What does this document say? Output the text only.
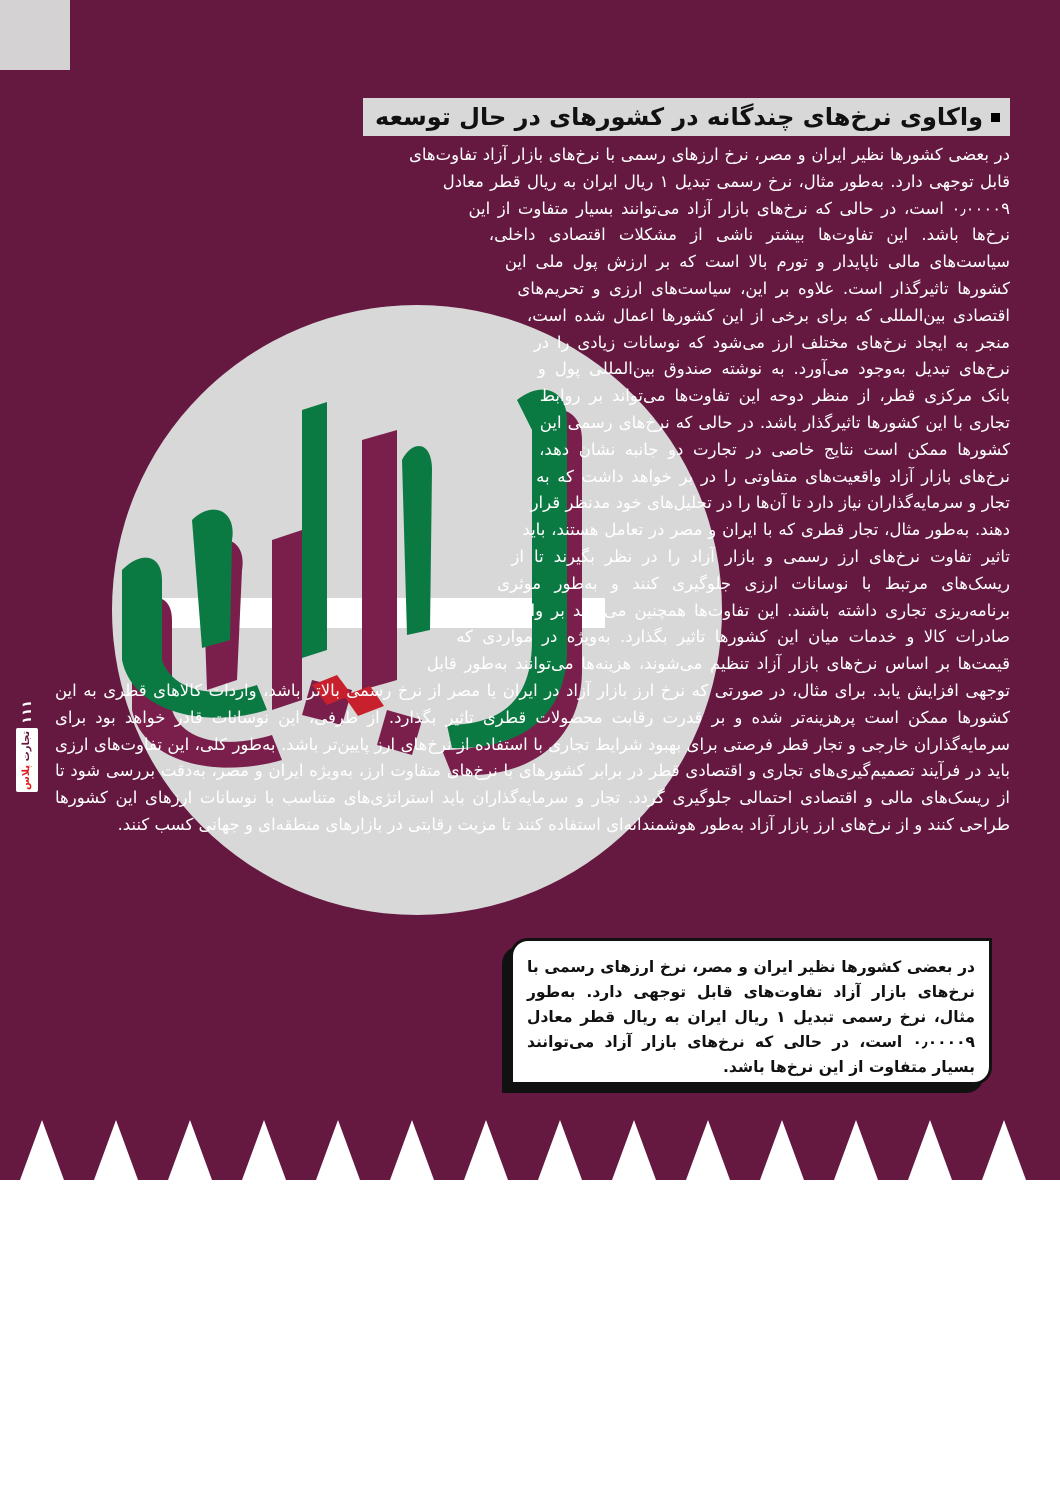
واکاوی نرخ‌های چندگانه در کشورهای در حال توسعه
در بعضی کشورها نظیر ایران و مصر، نرخ ارزهای رسمی با نرخ‌های بازار آزاد تفاوت‌های قابل توجهی دارد. به‌طور مثال، نرخ رسمی تبدیل ۱ ریال ایران به ریال قطر معادل ۰٫۰۰۰۰۹ است، در حالی که نرخ‌های بازار آزاد می‌توانند بسیار متفاوت از این نرخ‌ها باشد. این تفاوت‌ها بیشتر ناشی از مشکلات اقتصادی داخلی، سیاست‌های مالی ناپایدار و تورم بالا است که بر ارزش پول ملی این کشورها تاثیرگذار است. علاوه بر این، سیاست‌های ارزی و تحریم‌های اقتصادی بین‌المللی که برای برخی از این کشورها اعمال شده است، منجر به ایجاد نرخ‌های مختلف ارز می‌شود که نوسانات زیادی را در نرخ‌های تبدیل به‌وجود می‌آورد. به نوشته صندوق بین‌المللی پول و بانک مرکزی قطر، از منظر دوحه این تفاوت‌ها می‌تواند بر روابط تجاری با این کشورها تاثیرگذار باشد. در حالی که نرخ‌های رسمی این کشورها ممکن است نتایج خاصی در تجارت دو جانبه نشان دهد، نرخ‌های بازار آزاد واقعیت‌های متفاوتی را در بر خواهد داشت که به تجار و سرمایه‌گذاران نیاز دارد تا آن‌ها را در تحلیل‌های خود مدنظر قرار دهند. به‌طور مثال، تجار قطری که با ایران و مصر در تعامل هستند، باید تاثیر تفاوت نرخ‌های ارز رسمی و بازار آزاد را در نظر بگیرند تا از ریسک‌های مرتبط با نوسانات ارزی جلوگیری کنند و به‌طور موثری برنامه‌ریزی تجاری داشته باشند. این تفاوت‌ها همچنین می‌تواند بر واردات و صادرات کالا و خدمات میان این کشورها تاثیر بگذارد. به‌ویژه در مواردی که قیمت‌ها بر اساس نرخ‌های بازار آزاد تنظیم می‌شوند، هزینه‌ها می‌توانند به‌طور قابل توجهی افزایش یابد. برای مثال، در صورتی که نرخ ارز بازار آزاد در ایران یا مصر از نرخ رسمی بالاتر باشد، واردات کالاهای قطری به این کشورها ممکن است پرهزینه‌تر شده و بر قدرت رقابت محصولات قطری تاثیر بگذارد. از طرفی، این نوسانات قادر خواهد بود برای سرمایه‌گذاران خارجی و تجار قطر فرصتی برای بهبود شرایط تجاری با استفاده از نرخ‌های ارز پایین‌تر باشد. به‌طور کلی، این تفاوت‌های ارزی باید در فرآیند تصمیم‌گیری‌های تجاری و اقتصادی قطر در برابر کشورهای با نرخ‌های متفاوت ارز، به‌ویژه ایران و مصر، به‌دقت بررسی شود تا از ریسک‌های مالی و اقتصادی احتمالی جلوگیری گردد. تجار و سرمایه‌گذاران باید استراتژی‌های متناسب با نوسانات ارزهای این کشورها طراحی کنند و از نرخ‌های ارز بازار آزاد به‌طور هوشمندانه‌ای استفاده کنند تا مزیت رقابتی در بازارهای منطقه‌ای و جهانی کسب کنند.

در بعضی کشورها نظیر ایران و مصر، نرخ ارزهای رسمی با نرخ‌های بازار آزاد تفاوت‌های قابل توجهی دارد. به‌طور مثال، نرخ رسمی تبدیل ۱ ریال ایران به ریال قطر معادل ۰٫۰۰۰۰۹ است، در حالی که نرخ‌های بازار آزاد می‌توانند بسیار متفاوت از این نرخ‌ها باشد.

۱۱۱
تجارت پلاس
